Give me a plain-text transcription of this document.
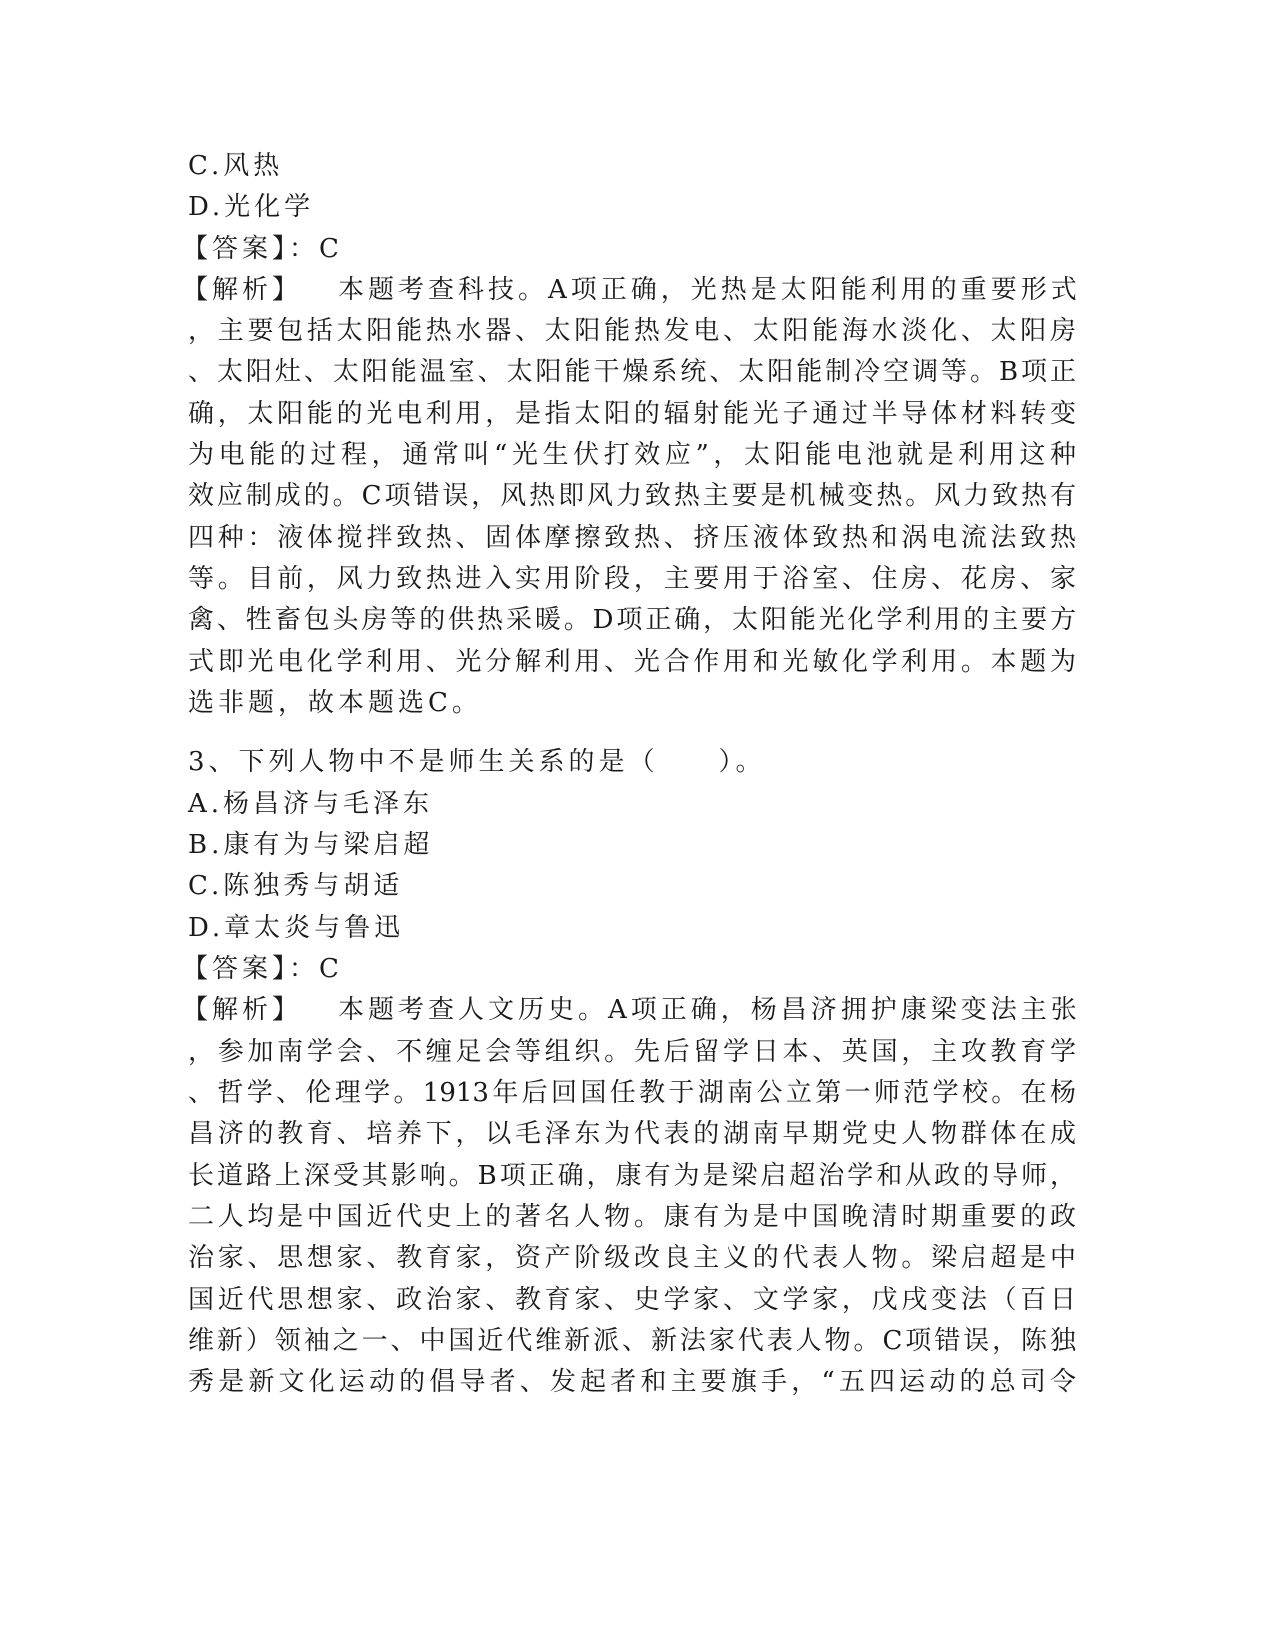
C.风热
D.光化学
【答案】：C
【解析】 本题考查科技。A项正确，光热是太阳能利用的重要形式
，主要包括太阳能热水器、太阳能热发电、太阳能海水淡化、太阳房
、太阳灶、太阳能温室、太阳能干燥系统、太阳能制冷空调等。B项正
确，太阳能的光电利用，是指太阳的辐射能光子通过半导体材料转变
为电能的过程，通常叫“光生伏打效应”，太阳能电池就是利用这种
效应制成的。C项错误，风热即风力致热主要是机械变热。风力致热有
四种：液体搅拌致热、固体摩擦致热、挤压液体致热和涡电流法致热
等。目前，风力致热进入实用阶段，主要用于浴室、住房、花房、家
禽、牲畜包头房等的供热采暖。D项正确，太阳能光化学利用的主要方
式即光电化学利用、光分解利用、光合作用和光敏化学利用。本题为
选非题，故本题选C。
3、下列人物中不是师生关系的是（　　）。
A.杨昌济与毛泽东
B.康有为与梁启超
C.陈独秀与胡适
D.章太炎与鲁迅
【答案】：C
【解析】 本题考查人文历史。A项正确，杨昌济拥护康梁变法主张
，参加南学会、不缠足会等组织。先后留学日本、英国，主攻教育学
、哲学、伦理学。1913年后回国任教于湖南公立第一师范学校。在杨
昌济的教育、培养下，以毛泽东为代表的湖南早期党史人物群体在成
长道路上深受其影响。B项正确，康有为是梁启超治学和从政的导师，
二人均是中国近代史上的著名人物。康有为是中国晚清时期重要的政
治家、思想家、教育家，资产阶级改良主义的代表人物。梁启超是中
国近代思想家、政治家、教育家、史学家、文学家，戊戌变法（百日
维新）领袖之一、中国近代维新派、新法家代表人物。C项错误，陈独
秀是新文化运动的倡导者、发起者和主要旗手，“五四运动的总司令
